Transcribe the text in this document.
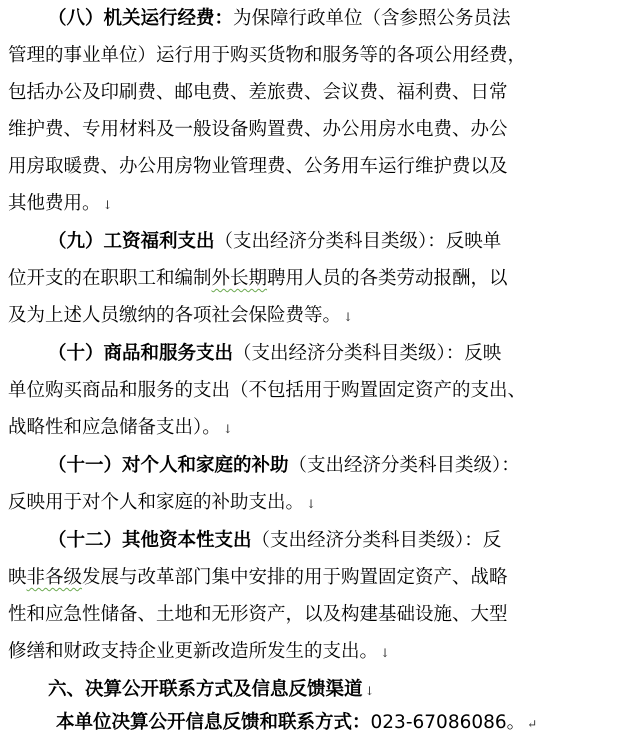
（八）机关运行经费：为保障行政单位（含参照公务员法
管理的事业单位）运行用于购买货物和服务等的各项公用经费，
包括办公及印刷费、邮电费、差旅费、会议费、福利费、日常
维护费、专用材料及一般设备购置费、办公用房水电费、办公
用房取暖费、办公用房物业管理费、公务用车运行维护费以及
其他费用。 ↓
（九）工资福利支出（支出经济分类科目类级）：反映单
位开支的在职职工和编制外长期聘用人员的各类劳动报酬，以
及为上述人员缴纳的各项社会保险费等。 ↓
（十）商品和服务支出（支出经济分类科目类级）：反映
单位购买商品和服务的支出（不包括用于购置固定资产的支出、
战略性和应急储备支出）。 ↓
（十一）对个人和家庭的补助（支出经济分类科目类级）：
反映用于对个人和家庭的补助支出。 ↓
（十二）其他资本性支出（支出经济分类科目类级）：反
映非各级发展与改革部门集中安排的用于购置固定资产、战略
性和应急性储备、土地和无形资产，以及构建基础设施、大型
修缮和财政支持企业更新改造所发生的支出。 ↓
六、决算公开联系方式及信息反馈渠道 ↓
本单位决算公开信息反馈和联系方式：023-67086086。 ↵
